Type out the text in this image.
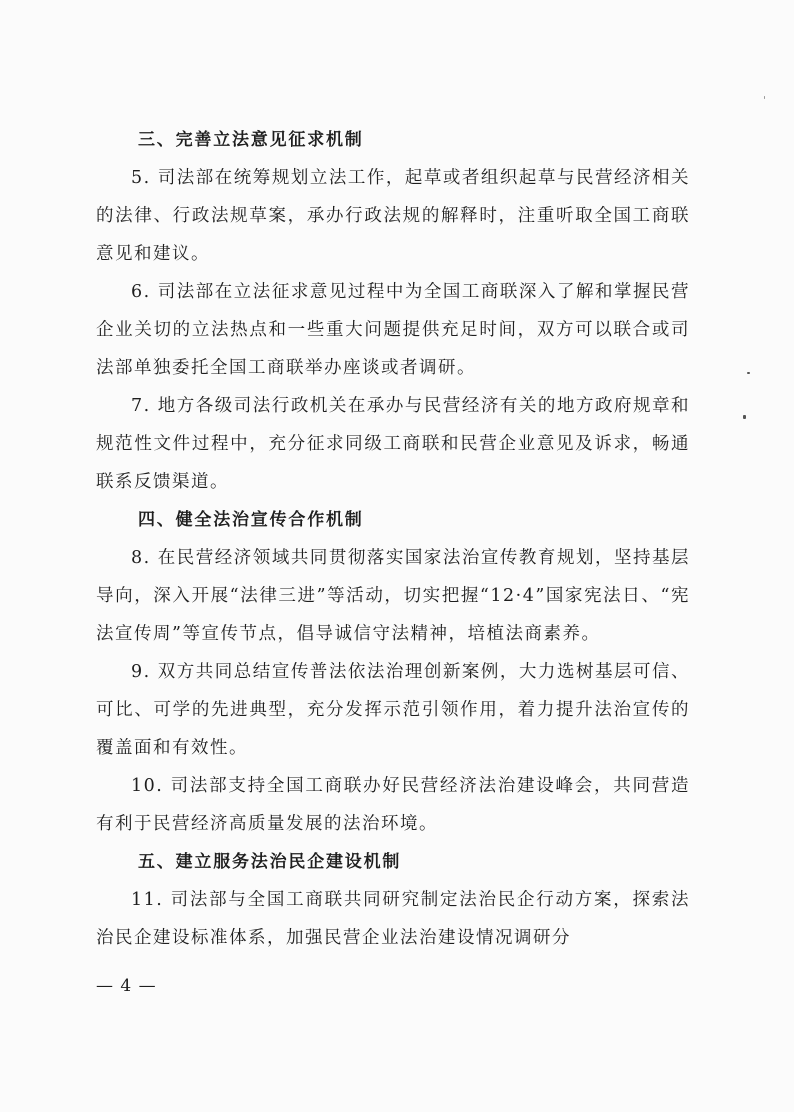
三、完善立法意见征求机制

5. 司法部在统筹规划立法工作，起草或者组织起草与民营经济相关的法律、行政法规草案，承办行政法规的解释时，注重听取全国工商联意见和建议。

6. 司法部在立法征求意见过程中为全国工商联深入了解和掌握民营企业关切的立法热点和一些重大问题提供充足时间，双方可以联合或司法部单独委托全国工商联举办座谈或者调研。

7. 地方各级司法行政机关在承办与民营经济有关的地方政府规章和规范性文件过程中，充分征求同级工商联和民营企业意见及诉求，畅通联系反馈渠道。

四、健全法治宣传合作机制

8. 在民营经济领域共同贯彻落实国家法治宣传教育规划，坚持基层导向，深入开展“法律三进”等活动，切实把握“12·4”国家宪法日、“宪法宣传周”等宣传节点，倡导诚信守法精神，培植法商素养。

9. 双方共同总结宣传普法依法治理创新案例，大力选树基层可信、可比、可学的先进典型，充分发挥示范引领作用，着力提升法治宣传的覆盖面和有效性。

10. 司法部支持全国工商联办好民营经济法治建设峰会，共同营造有利于民营经济高质量发展的法治环境。

五、建立服务法治民企建设机制

11. 司法部与全国工商联共同研究制定法治民企行动方案，探索法治民企建设标准体系，加强民营企业法治建设情况调研分

— 4 —
